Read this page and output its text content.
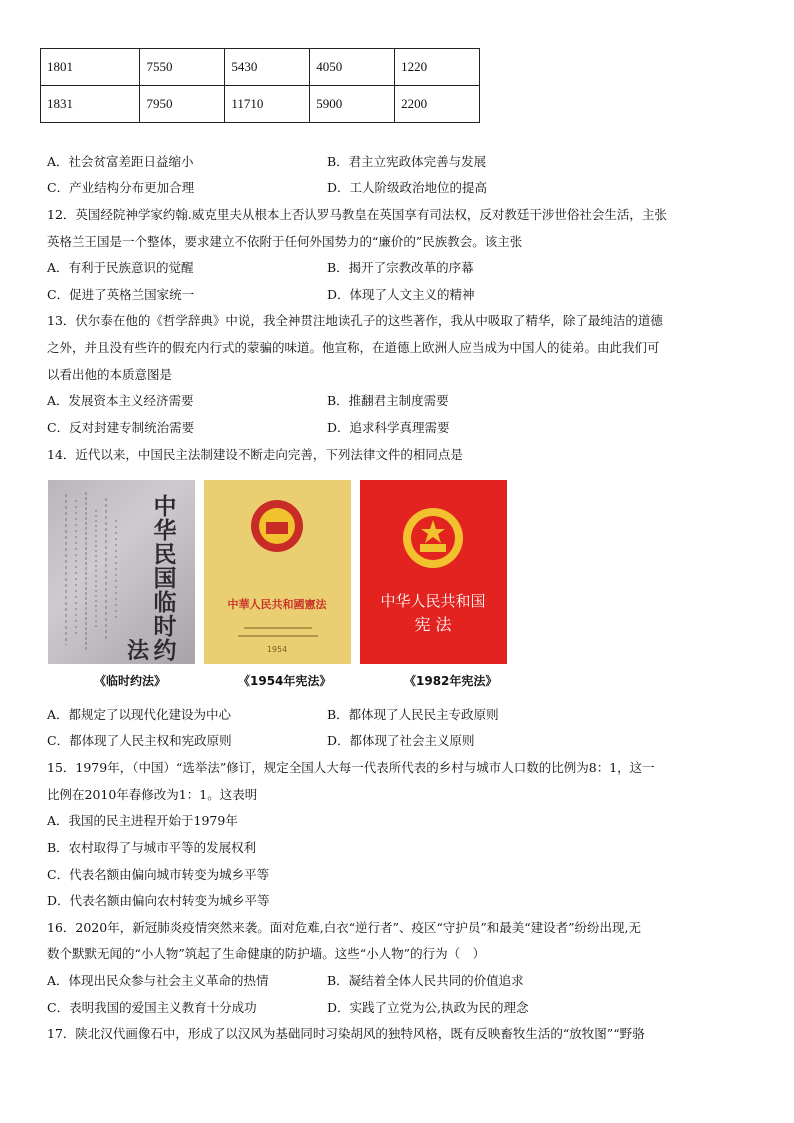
1801	7550	5430	4050	1220
1831	7950	11710	5900	2200
A．社会贫富差距日益缩小	B．君主立宪政体完善与发展
C．产业结构分布更加合理	D．工人阶级政治地位的提高
12．英国经院神学家约翰.威克里夫从根本上否认罗马教皇在英国享有司法权，反对教廷干涉世俗社会生活，主张
英格兰王国是一个整体，要求建立不依附于任何外国势力的“廉价的”民族教会。该主张
A．有利于民族意识的觉醒	B．揭开了宗教改革的序幕
C．促进了英格兰国家统一	D．体现了人文主义的精神
13．伏尔泰在他的《哲学辞典》中说，我全神贯注地读孔子的这些著作，我从中吸取了精华，除了最纯洁的道德
之外，并且没有些许的假充内行式的蒙骗的味道。他宣称，在道德上欧洲人应当成为中国人的徒弟。由此我们可
以看出他的本质意图是
A．发展资本主义经济需要	B．推翻君主制度需要
C．反对封建专制统治需要	D．追求科学真理需要
14．近代以来，中国民主法制建设不断走向完善，下列法律文件的相同点是
中
华
民
国
临
时
约
法
中華人民共和國憲法
1954
中华人民共和国
宪 法
《临时约法》	《1954年宪法》	《1982年宪法》
A．都规定了以现代化建设为中心	B．都体现了人民民主专政原则
C．都体现了人民主权和宪政原则	D．都体现了社会主义原则
15．1979年，（中国）“选举法”修订，规定全国人大每一代表所代表的乡村与城市人口数的比例为8：1，这一
比例在2010年春修改为1：1。这表明
A．我国的民主进程开始于1979年
B．农村取得了与城市平等的发展权利
C．代表名额由偏向城市转变为城乡平等
D．代表名额由偏向农村转变为城乡平等
16．2020年，新冠肺炎疫情突然来袭。面对危难,白衣“逆行者”、疫区“守护员”和最美“建设者”纷纷出现,无
数个默默无闻的“小人物”筑起了生命健康的防护墙。这些“小人物”的行为（　）
A．体现出民众参与社会主义革命的热情	B．凝结着全体人民共同的价值追求
C．表明我国的爱国主义教育十分成功	D．实践了立党为公,执政为民的理念
17．陕北汉代画像石中，形成了以汉风为基础同时习染胡风的独特风格，既有反映畜牧生活的“放牧图”“野骆
